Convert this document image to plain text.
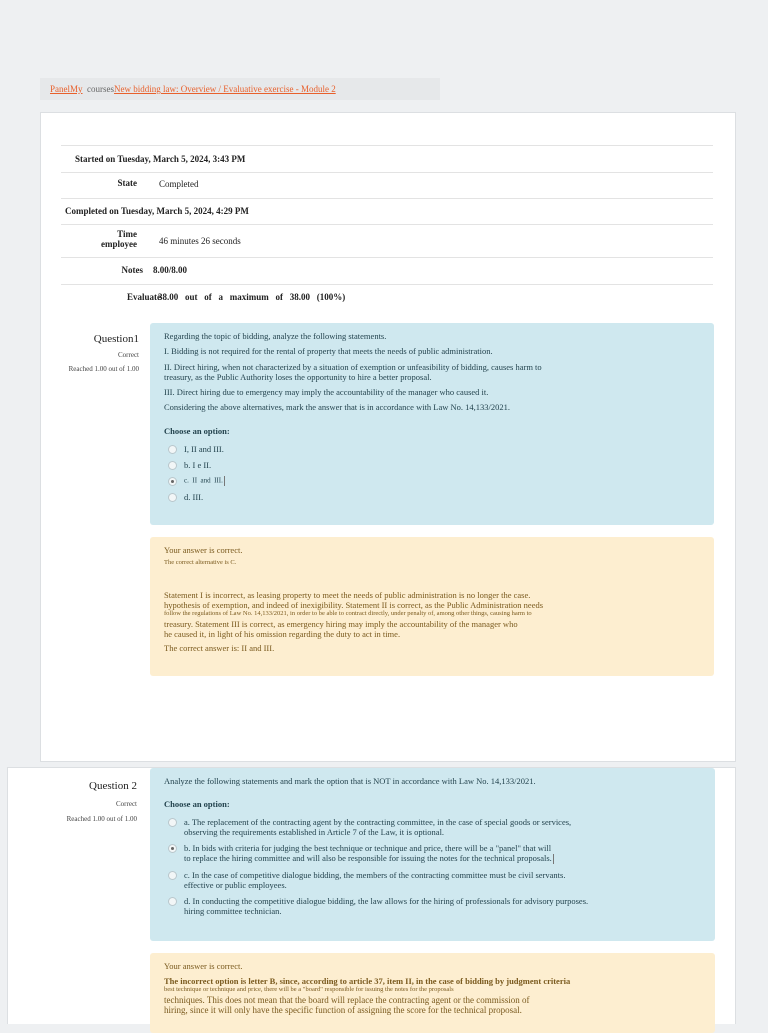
PanelMy coursesNew bidding law: Overview / Evaluative exercise - Module 2
Started on Tuesday, March 5, 2024, 3:43 PM
State Completed
Completed on Tuesday, March 5, 2024, 4:29 PM
Time
employee 46 minutes 26 seconds
Notes 8.00/8.00
Evaluate
38.00   out   of   a   maximum   of   38.00   (100%)
Question1
Correct
Reached 1.00 out of 1.00

Regarding the topic of bidding, analyze the following statements.

I. Bidding is not required for the rental of property that meets the needs of public administration.

II. Direct hiring, when not characterized by a situation of exemption or unfeasibility of bidding, causes harm to

treasury, as the Public Authority loses the opportunity to hire a better proposal.

III. Direct hiring due to emergency may imply the accountability of the manager who caused it.

Considering the above alternatives, mark the answer that is in accordance with Law No. 14,133/2021.

Choose an option:

I, II and III.
b. I e II.
c.  II  and  III.
d. III.

Your answer is correct.

The correct alternative is C.

Statement I is incorrect, as leasing property to meet the needs of public administration is no longer the case.

hypothesis of exemption, and indeed of inexigibility. Statement II is correct, as the Public Administration needs

follow the regulations of Law No. 14,133/2021, in order to be able to contract directly, under penalty of, among other things, causing harm to

treasury. Statement III is correct, as emergency hiring may imply the accountability of the manager who

he caused it, in light of his omission regarding the duty to act in time.

The correct answer is: II and III.

Question 2
Correct
Reached 1.00 out of 1.00

Analyze the following statements and mark the option that is NOT in accordance with Law No. 14,133/2021.

Choose an option:

a. The replacement of the contracting agent by the contracting committee, in the case of special goods or services,
observing the requirements established in Article 7 of the Law, it is optional.
b. In bids with criteria for judging the best technique or technique and price, there will be a "panel" that will
to replace the hiring committee and will also be responsible for issuing the notes for the technical proposals.
c. In the case of competitive dialogue bidding, the members of the contracting committee must be civil servants.
effective or public employees.
d. In conducting the competitive dialogue bidding, the law allows for the hiring of professionals for advisory purposes.
hiring committee technician.

Your answer is correct.

The incorrect option is letter B, since, according to article 37, item II, in the case of bidding by judgment criteria

best technique or technique and price, there will be a "board" responsible for issuing the notes for the proposals

techniques. This does not mean that the board will replace the contracting agent or the commission of

hiring, since it will only have the specific function of assigning the score for the technical proposal.
